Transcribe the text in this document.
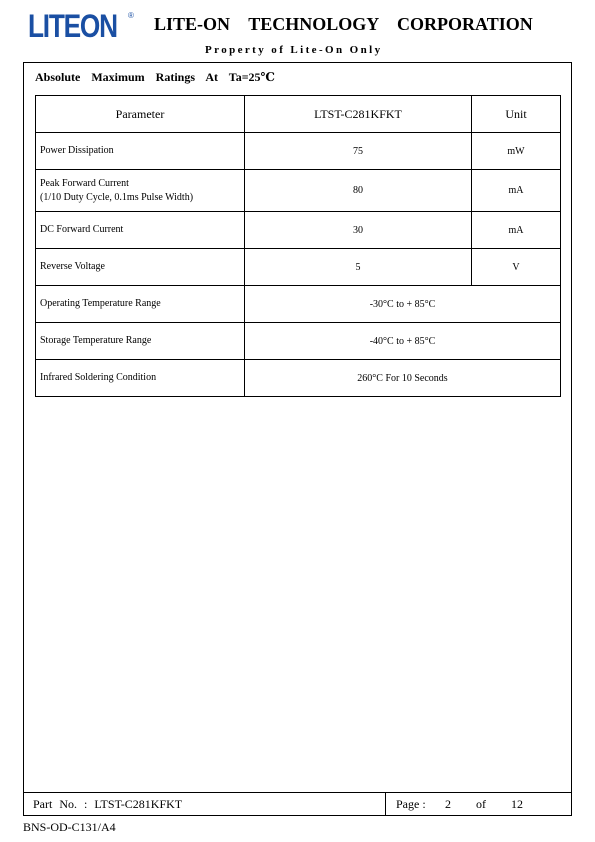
LITEON ® LITE-ON TECHNOLOGY CORPORATION
Property of Lite-On Only
Absolute Maximum Ratings At Ta=25℃
Parameter	LTST-C281KFKT	Unit
Power Dissipation	75	mW
Peak Forward Current
(1/10 Duty Cycle, 0.1ms Pulse Width)	80	mA
DC Forward Current	30	mA
Reverse Voltage	5	V
Operating Temperature Range	-30°C to + 85°C	
Storage Temperature Range	-40°C to + 85°C	
Infrared Soldering Condition	260°C For 10 Seconds	
Part No. : LTST-C281KFKT	Page : 2 of 12
BNS-OD-C131/A4
